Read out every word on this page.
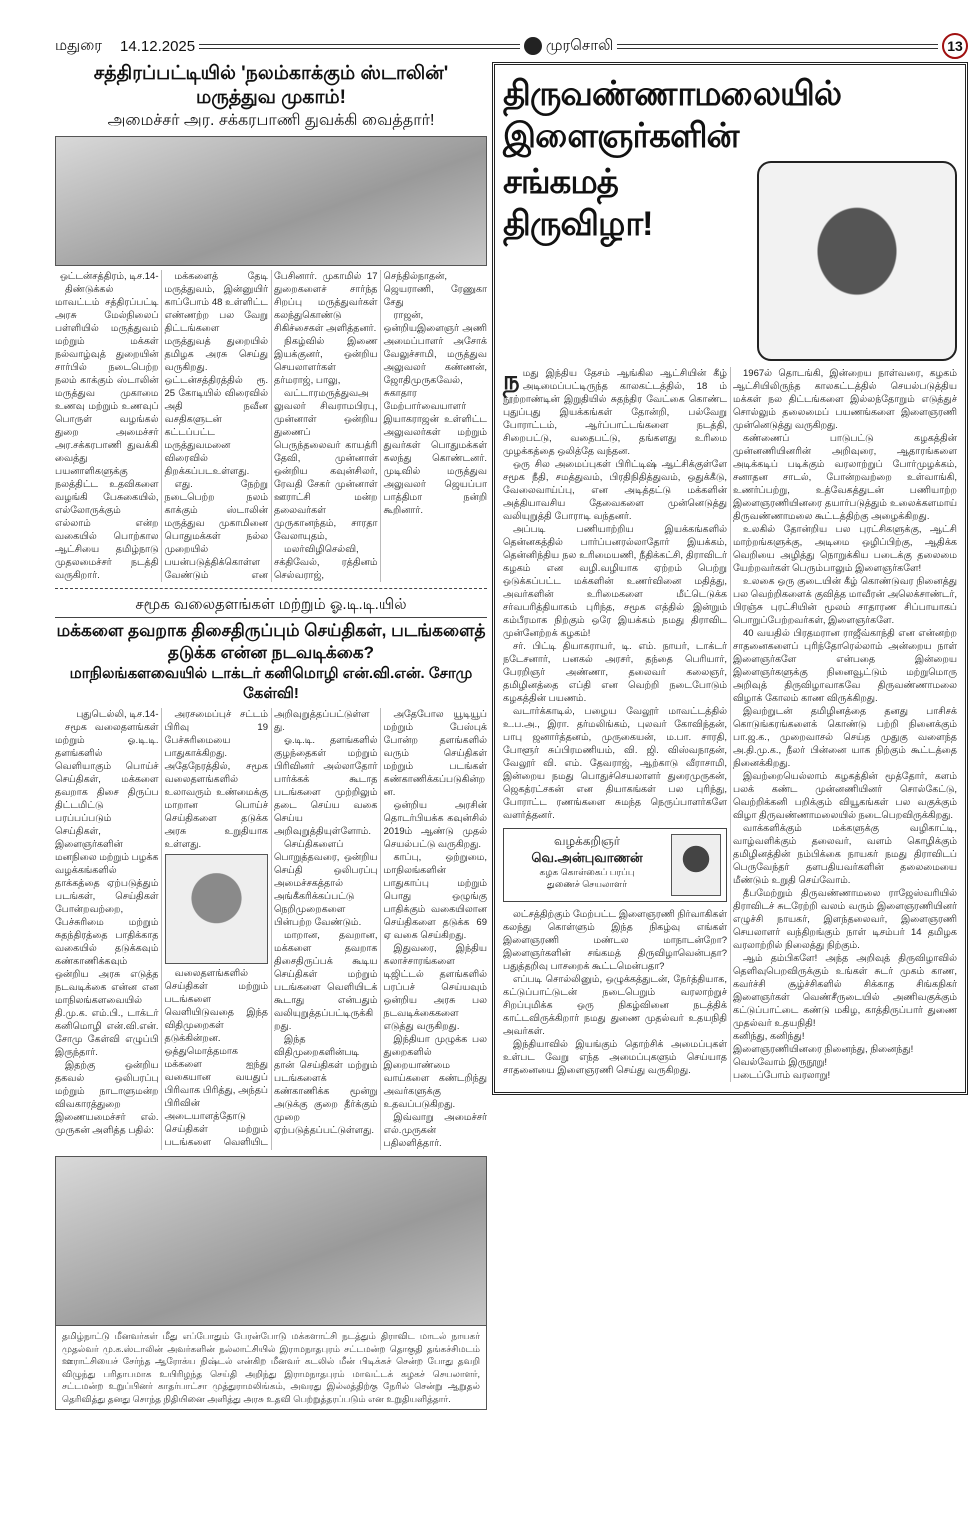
மதுரை 14.12.2025	முரசொலி	13
சத்திரப்பட்டியில் 'நலம்காக்கும் ஸ்டாலின்' மருத்துவ முகாம்!
அமைச்சர் அர. சக்கரபாணி துவக்கி வைத்தார்!
ஒட்டன்சத்திரம், டிச.14-

திண்டுக்கல் மாவட்டம் சத்திரப்பட்டி அரசு மேல்நிலைப் பள்ளியில் மருத்துவம் மற்றும் மக்கள் நல்வாழ்வுத் துறையின் சார்பில் நடைபெற்ற நலம் காக்கும் ஸ்டாலின் மருத்துவ முகாமை உணவு மற்றும் உணவுப் பொருள் வழங்கல் துறை அமைச்சர் அர.சக்கரபாணி துவக்கி வைத்து பயனாளிகளுக்கு நலத்திட்ட உதவிகளை வழங்கி பேசுகையில், எல்லோருக்கும் எல்லாம் என்ற வகையில் பொற்கால ஆட்சியை தமிழ்நாடு முதலமைச்சர் நடத்தி வருகிறார்.

மக்களைத் தேடி மருத்துவம், இன்னுயிர் காப்போம் 48 உள்ளிட்ட எண்ணற்ற பல வேறு திட்டங்களை மருத்துவத் துறையில் தமிழக அரசு செய்து வருகிறது. ஒட்டன்சத்திரத்தில் ரூ. 25 கோடியில் விரைவில் அதி நவீன வசதிகளுடன் கட்டப்பட்ட மருத்துவமனை விரைவில் திறக்கப்படஉள்ளது.

எது. நேற்று நடைபெற்ற நலம் காக்கும் ஸ்டாலின் மருத்துவ முகாமினை பொதுமக்கள் நல்ல முறையில் பயன்படுத்திக்கொள்ள வேண்டும் என பேசினார். முகாமில் 17 துறைகளைச் சார்ந்த சிறப்பு மருத்துவர்கள் கலந்துகொண்டு சிகிச்சைகள் அளித்தனர்.

நிகழ்வில் இணை இயக்குனர், ஒன்றிய செயலாளர்கள் தர்மராஜ், பாலு,

வட்டாரமருத்துவஅலுவலர் சிவராமபிரபு, முன்னாள் ஒன்றிய துணைப் பெருந்தலைவர் காயத்ரி தேவி, முன்னாள் ஒன்றிய கவுன்சிலர், ரேவதி சேகர் முன்னாள் ஊராட்சி மன்ற தலைவர்கள் முருகானந்தம், சாரதா வேலாயுதம்,

மலர்விழிசெல்வி, சக்திவேல், ரத்தினம் செல்வராஜ், செந்தில்நாதன், ஜெயராணி, ரேணுகா சேது

ராஜன், ஒன்றியஇளைஞர் அணி அமைப்பாளர் அசோக் வேலுச்சாமி, மருத்துவ அலுவலர் கண்ணன், ஜோதிமுருகவேல், சுகாதார மேற்பார்வையாளர் இயாகராஜன் உள்ளிட்ட அலுவலர்கள் மற்றும் துவர்கள் பொதுமக்கள் கலந்து கொண்டனர். முடிவில் மருத்துவ அலுவலர் ஜெயப்பா பாத்திமா நன்றி கூறினார்.

சமூக வலைதளங்கள் மற்றும் ஓ.டி.டி.யில்
மக்களை தவறாக திசைதிருப்பும் செய்திகள், படங்களைத் தடுக்க என்ன நடவடிக்கை?
மாநிலங்களவையில் டாக்டர் கனிமொழி என்.வி.என். சோமு கேள்வி!
புதுடெல்லி, டிச.14-

சமூக வலைதளங்கள் மற்றும் ஓ.டி.டி. தளங்களில் வெளியாகும் பொய்ச் செய்திகள், மக்களை தவறாக திசை திருப்ப திட்டமிட்டு பரப்பப்படும் செய்திகள், இளைஞர்களின் மனநிலை மற்றும் பழக்க வழக்கங்களில் தாக்கத்தை ஏற்படுத்தும் படங்கள், செய்திகள் போன்றவற்றை, பேச்சுரிமை மற்றும் சுதந்திரத்தை பாதிக்காத வகையில் தடுக்கவும் கண்காணிக்கவும் ஒன்றிய அரசு எடுத்த நடவடிக்கை என்ன என மாநிலங்களவையில் தி.மு.க. எம்.பி., டாக்டர் கனிமொழி என்.வி.என். சோமு கேள்வி எழுப்பி இருந்தார்.

இதற்கு ஒன்றிய தகவல் ஒலிபரப்பு மற்றும் நாடாளுமன்ற விவகாரத்துறை இணையமைச்சர் எல். முருகன் அளித்த பதில்:

அரசமைப்புச் சட்டம் பிரிவு 19 பேச்சுரிமையை பாதுகாக்கிறது. அதேநேரத்தில், சமூக வலைதளங்களில் உலாவரும் உண்மைக்கு மாறான பொய்ச் செய்திகளை தடுக்க அரசு உறுதியாக உள்ளது.

வலைதளங்களில் செய்திகள் மற்றும் படங்களை வெளியிடுவதை இந்த விதிமுறைகள் தடுக்கின்றன. ஒத்துமொத்தமாக மக்களை ஐந்து வகையான வயதுப் பிரிவாக பிரித்து, அந்தப் பிரிவின் அடையாளத்தோடு செய்திகள் மற்றும் படங்களை வெளியிட அறிவுறுத்தப்பட்டுள்ளது.

ஓ.டி.டி. தளங்களில் குழந்தைகள் மற்றும் பிரிவினர் அல்லாதோர் பார்க்கக் கூடாத படங்களை முற்றிலும் தடை செய்ய வகை செய்ய அறிவுறுத்தியுள்ளோம்.

செய்திகளைப் பொறுத்தவரை, ஒன்றிய செய்தி ஒலிபரப்பு அமைச்சகத்தால் அங்கீகரிக்கப்பட்டு நெறிமுறைகளை பின்பற்ற வேண்டும்.

மாறான, தவறான, மக்களை தவறாக திசைதிருப்பக் கூடிய செய்திகள் மற்றும் படங்களை வெளியிடக் கூடாது என்பதும் வலியுறுத்தப்பட்டிருக்கிறது.

இந்த விதிமுறைகளின்படி தான் செய்திகள் மற்றும் படங்களைக் கண்காணிக்க மூன்று அடுக்கு குறை தீர்க்கும் முறை ஏற்படுத்தப்பட்டுள்ளது.

அதேபோல யூடியூப் மற்றும் பேஸ்புக் போன்ற தளங்களில் வரும் செய்திகள் மற்றும் படங்கள் கண்காணிக்கப்படுகின்றன.

ஒன்றிய அரசின் தொடர்பியக்க கவுன்சில் 2019ம் ஆண்டு முதல் செயல்பட்டு வருகிறது.

காப்பு, ஒற்றுமை, மாநிலங்களின் பாதுகாப்பு மற்றும் பொது ஒழுங்கு பாதிக்கும் வகையிலான செய்திகளை தடுக்க 69 ஏ வகை செய்கிறது.

இதுவரை, இந்திய கலாச்சாரங்களை டிஜிட்டல் தளங்களில் பரப்பச் செய்யவும் ஒன்றிய அரசு பல நடவடிக்கைகளை எடுத்து வருகிறது.

இந்தியா முழுக்க பல துறைகளில் இறையாண்மை வாய்களை கண்டறிந்து அவர்களுக்கு உதவப்படுகிறது.

இவ்வாறு அமைச்சர் எல்.முருகன் பதிலளித்தார்.

தமிழ்நாட்டு மீனவர்கள் மீது எப்போதும் பேரன்போடு மக்களாட்சி நடத்தும் திராவிட மாடல் நாயகர் முதல்வர் மு.க.ஸ்டாலின் அவர்களின் நல்லாட்சியில் இராமநாதபுரம் சட்டமன்ற தொகுதி தங்கச்சிமடம் ஊராட்சியைச் சேர்ந்த ஆரோக்ய நிஷ்டல் என்கிற மீனவர் கடலில் மீன் பிடிக்கச் சென்ற போது தவறி விழுந்து பரிதாபமாக உயிரிழந்த செய்தி அறிந்து இராமநாதபுரம் மாவட்டக் கழகச் செயலாளர், சட்டமன்ற உறுப்பினர் காதர்பாட்சா முத்துராமலிங்கம், அவரது இல்லத்திற்கு நேரில் சென்று ஆறுதல் தெரிவித்து தனது சொந்த நிதியினை அளித்து அரசு உதவி பெற்றுத்தரப்படும் என உறுதியளித்தார்.
திருவண்ணாமலையில் இளைஞர்களின்
சங்கமத் திருவிழா!

நமது இந்திய தேசம் ஆங்கில ஆட்சியின் கீழ் அடிமைப்பட்டிருந்த காலகட்டத்தில், 18 ம் நூற்றாண்டின் இறுதியில் சுதந்திர வேட்கை கொண்ட புதுப்புது இயக்கங்கள் தோன்றி, பல்வேறு போராட்டம், ஆர்ப்பாட்டங்களை நடத்தி, சிறைபட்டு, வதைபட்டு, தங்களது உரிமை முழக்கத்தை ஒலித்தே வந்தன.

ஒரு சில அமைப்புகள் பிரிட்டிஷ் ஆட்சிக்குள்ளே சமூக நீதி, சமத்துவம், பிரதிநிதித்துவம், ஒதுக்கீடு, வேலைவாய்ப்பு, என அடித்தட்டு மக்களின் அத்தியாவசிய தேவைகளை முன்னெடுத்து வலியுறுத்தி போராடி வந்தனர்.

அப்படி பணியாற்றிய இயக்கங்களில் தென்னகத்தில் பார்ப்பனரல்லாதோர் இயக்கம், தென்னிந்திய நல உரிமையணி, நீதிக்கட்சி, திராவிடர் கழகம் என வழி.வழியாக ஏற்றம் பெற்று ஒடுக்கப்பட்ட மக்களின் உணர்வினை மதித்து, அவர்களின் உரிமைகளை மீட்டெடுக்க சர்வபரித்தியாகம் புரிந்த, சமூக எத்தில் இன்றும் கம்பீரமாக நிற்கும் ஒரே இயக்கம் நமது திராவிட முன்னேற்றக் கழகம்!

சர். பிட்டி தியாகராயர், டி. எம். நாயர், டாக்டர் நடேசனார், பனகல் அரசர், தந்தை பெரியார், பேரறிஞர் அண்ணா, தலைவர் கலைஞர், தமிழினத்தை எப்தி என வெற்றி நடைபோடும் கழகத்தின் பயணம்.

வடார்க்காடில், பழைய வேலூர் மாவட்டத்தில் உ.ப.அ., இரா. தர்மலிங்கம், புலவர் கோவிந்தன், பாபு ஜனார்த்தனம், முருகையன், ம.பா. சாரதி, போளூர் சுப்பிரமணியம், வி. ஜி. விஸ்வநாதன், வேலூர் வி. எம். தேவராஜ், ஆற்காடு வீராசாமி, இன்றைய நமது பொதுச்செயலாளர் துரைமுருகன், ஜெகத்ரட்சகன் என தியாகங்கள் பல புரிந்து, போராட்ட ரணங்களை சுமந்த நெருப்பாளர்களே வளர்த்தனர்.

வழக்கறிஞர்
வெ.அன்புவாணன்
கழக கொள்கைப் பரப்பு
துணைச் செயலாளர்

லட்சத்திற்கும் மேற்பட்ட இளைஞரணி நிர்வாகிகள் கலந்து கொள்ளும் இந்த நிகழ்வு எங்கள் இளைஞரணி மண்டல மாநாடன்றோ? இளைஞர்களின் சங்கமத் திருவிழாவென்பதா? பதுத்தறிவு பாசறைக் கூட்டமென்பதா?

எப்படி சொல்லினும், ஒழுக்கத்துடன், நேர்த்தியாக, கட்டுப்பாட்டுடன் நடைபெறும் வரலாற்றுச் சிறப்புமிக்க ஒரு நிகழ்வினை நடத்திக் காட்டவிருக்கிறார் நமது துணை முதல்வர் உதயநிதி அவர்கள்.

இந்தியாவில் இயங்கும் தொற்சிக் அமைப்புகள் உள்பட வேறு எந்த அமைப்புகளும் செய்யாத சாதனையை இளைஞரணி செய்து வருகிறது.

1967ல் தொடங்கி, இன்றைய நாள்வரை, கழகம் ஆட்சியிலிருந்த காலகட்டத்தில் செயல்படுத்திய மக்கள் நல திட்டங்களை இல்லந்தோறும் எடுத்துச் சொல்லும் தலைமைப் பயணங்களை இளைஞரணி முன்னெடுத்து வருகிறது.

கண்ணைப் பாடுபட்டு கழகத்தின் முன்னணியினரின் அறிவுரை, ஆதாரங்களை அடிக்கடிப் படிக்கும் வரலாற்றுப் போர்முழக்கம், சனாதன சாடல், போன்றவற்றை உள்வாங்கி, உணர்ப்பற்று, உத்வேகத்துடன் பணியாற்ற இளைஞரணியினரை தயார்படுத்தும் உலைக்களமாய் திருவண்ணாமலை கூட்டத்திற்கு அழைக்கிறது.

உலகில் தோன்றிய பல புரட்சிகளுக்கு, ஆட்சி மாற்றங்களுக்கு, அடிமை ஒழிப்பிற்கு, ஆதிக்க வெறியை அழித்து நொறுக்கிய படைக்கு தலைமை யேற்றவர்கள் பெரும்பாலும் இளைஞர்களே!

உலகை ஒரு குடையின் கீழ் கொண்டுவர நினைத்து பல வெற்றிகளைக் குவித்த மாவீரன் அலெக்சாண்டர், பிரஞ்சு புரட்சியின் மூலம் சாதாரண சிப்பாயாகப் பொறுப்பேற்றவர்கள், இளைஞர்களே.

40 வயதில் பிரதமரான ராஜீவ்காந்தி என என்னற்ற சாதனைகளைப் புரிந்தோரெல்லாம் அன்றைய நாள் இளைஞர்களே என்பதை இன்றைய இளைஞர்களுக்கு நினைவூட்டும் மற்றுமொரு அறிவுத் திருவிழாவாகவே திருவண்ணாமலை விழாக் கோலம் காண விருக்கிறது.

இவற்றுடன் தமிழினத்தை தனது பாசிசக் கொடுங்கரங்களைக் கொண்டு பற்றி நினைக்கும் பா.ஜ.க., முறைவாசல் செய்த முதுகு வளைந்த அ.தி.மு.க., நீலர் பின்னை யாக நிற்கும் கூட்டத்தை நினைக்கிறது.

இவற்றையெல்லாம் கழகத்தின் மூத்தோர், களம் பலக் கண்ட முன்னணியினர் சொல்கேட்டு, வெற்றிக்கனி பறிக்கும் வியூகங்கள் பல வகுக்கும் விழா திருவண்ணாமலையில் நடைபெறவிருக்கிறது.

வாக்களிக்கும் மக்களுக்கு வழிகாட்டி, வாழ்வளிக்கும் தலைவர், வளம் கொழிக்கும் தமிழினத்தின் நம்பிக்கை நாயகர் நமது திராவிடப் பெருவேந்தர் தளபதியவர்களின் தலைமையை மீண்டும் உறுதி செய்வோம்.

தீபமேற்றும் திருவண்ணாமலை ராஜேஸ்வரியில் திராவிடச் சுடரேற்றி வலம் வரும் இளைஞரணியினர் எழுச்சி நாயகர், இளந்தலைவர், இளைஞரணி செயலாளர் வந்திறங்கும் நாள் டிசம்பர் 14 தமிழக வரலாற்றில் நிலைத்து நிற்கும்.

ஆம் தம்பிகளே! அந்த அறிவுத் திருவிழாவில் தெளிவுபெறவிருக்கும் உங்கள் சுடர் முகம் காண, கவர்ச்சி சூழ்ச்சிகளில் சிக்காத சிங்கநிகர் இளைஞர்கள் வெண்சீருடையில் அணிவகுக்கும் கட்டுப்பாட்டை கண்டு மகிழ, காத்திருப்பார் துணை முதல்வர் உதயநிதி!

கனிந்து, கனிந்து!
இளைஞரணியினரை நினைந்து, நினைந்து!
வெல்வோம் இருநூறு!
படைப்போம் வரலாறு!
